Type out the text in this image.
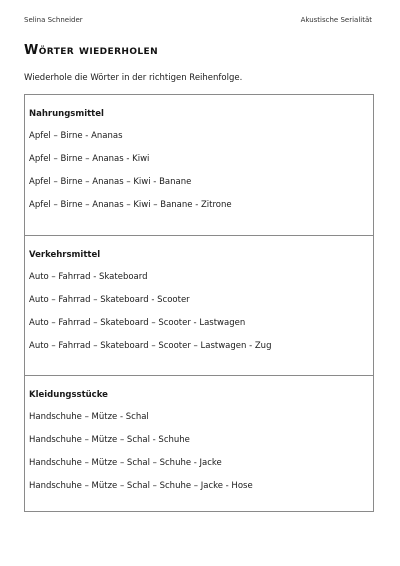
Selina Schneider	Akustische Serialität
Wörter wiederholen
Wiederhole die Wörter in der richtigen Reihenfolge.
Nahrungsmittel
Apfel – Birne - Ananas
Apfel – Birne – Ananas - Kiwi
Apfel – Birne – Ananas – Kiwi - Banane
Apfel – Birne – Ananas – Kiwi – Banane - Zitrone
Verkehrsmittel
Auto – Fahrrad - Skateboard
Auto – Fahrrad – Skateboard - Scooter
Auto – Fahrrad – Skateboard – Scooter - Lastwagen
Auto – Fahrrad – Skateboard – Scooter – Lastwagen - Zug
Kleidungsstücke
Handschuhe – Mütze - Schal
Handschuhe – Mütze – Schal - Schuhe
Handschuhe – Mütze – Schal – Schuhe - Jacke
Handschuhe – Mütze – Schal – Schuhe – Jacke - Hose
